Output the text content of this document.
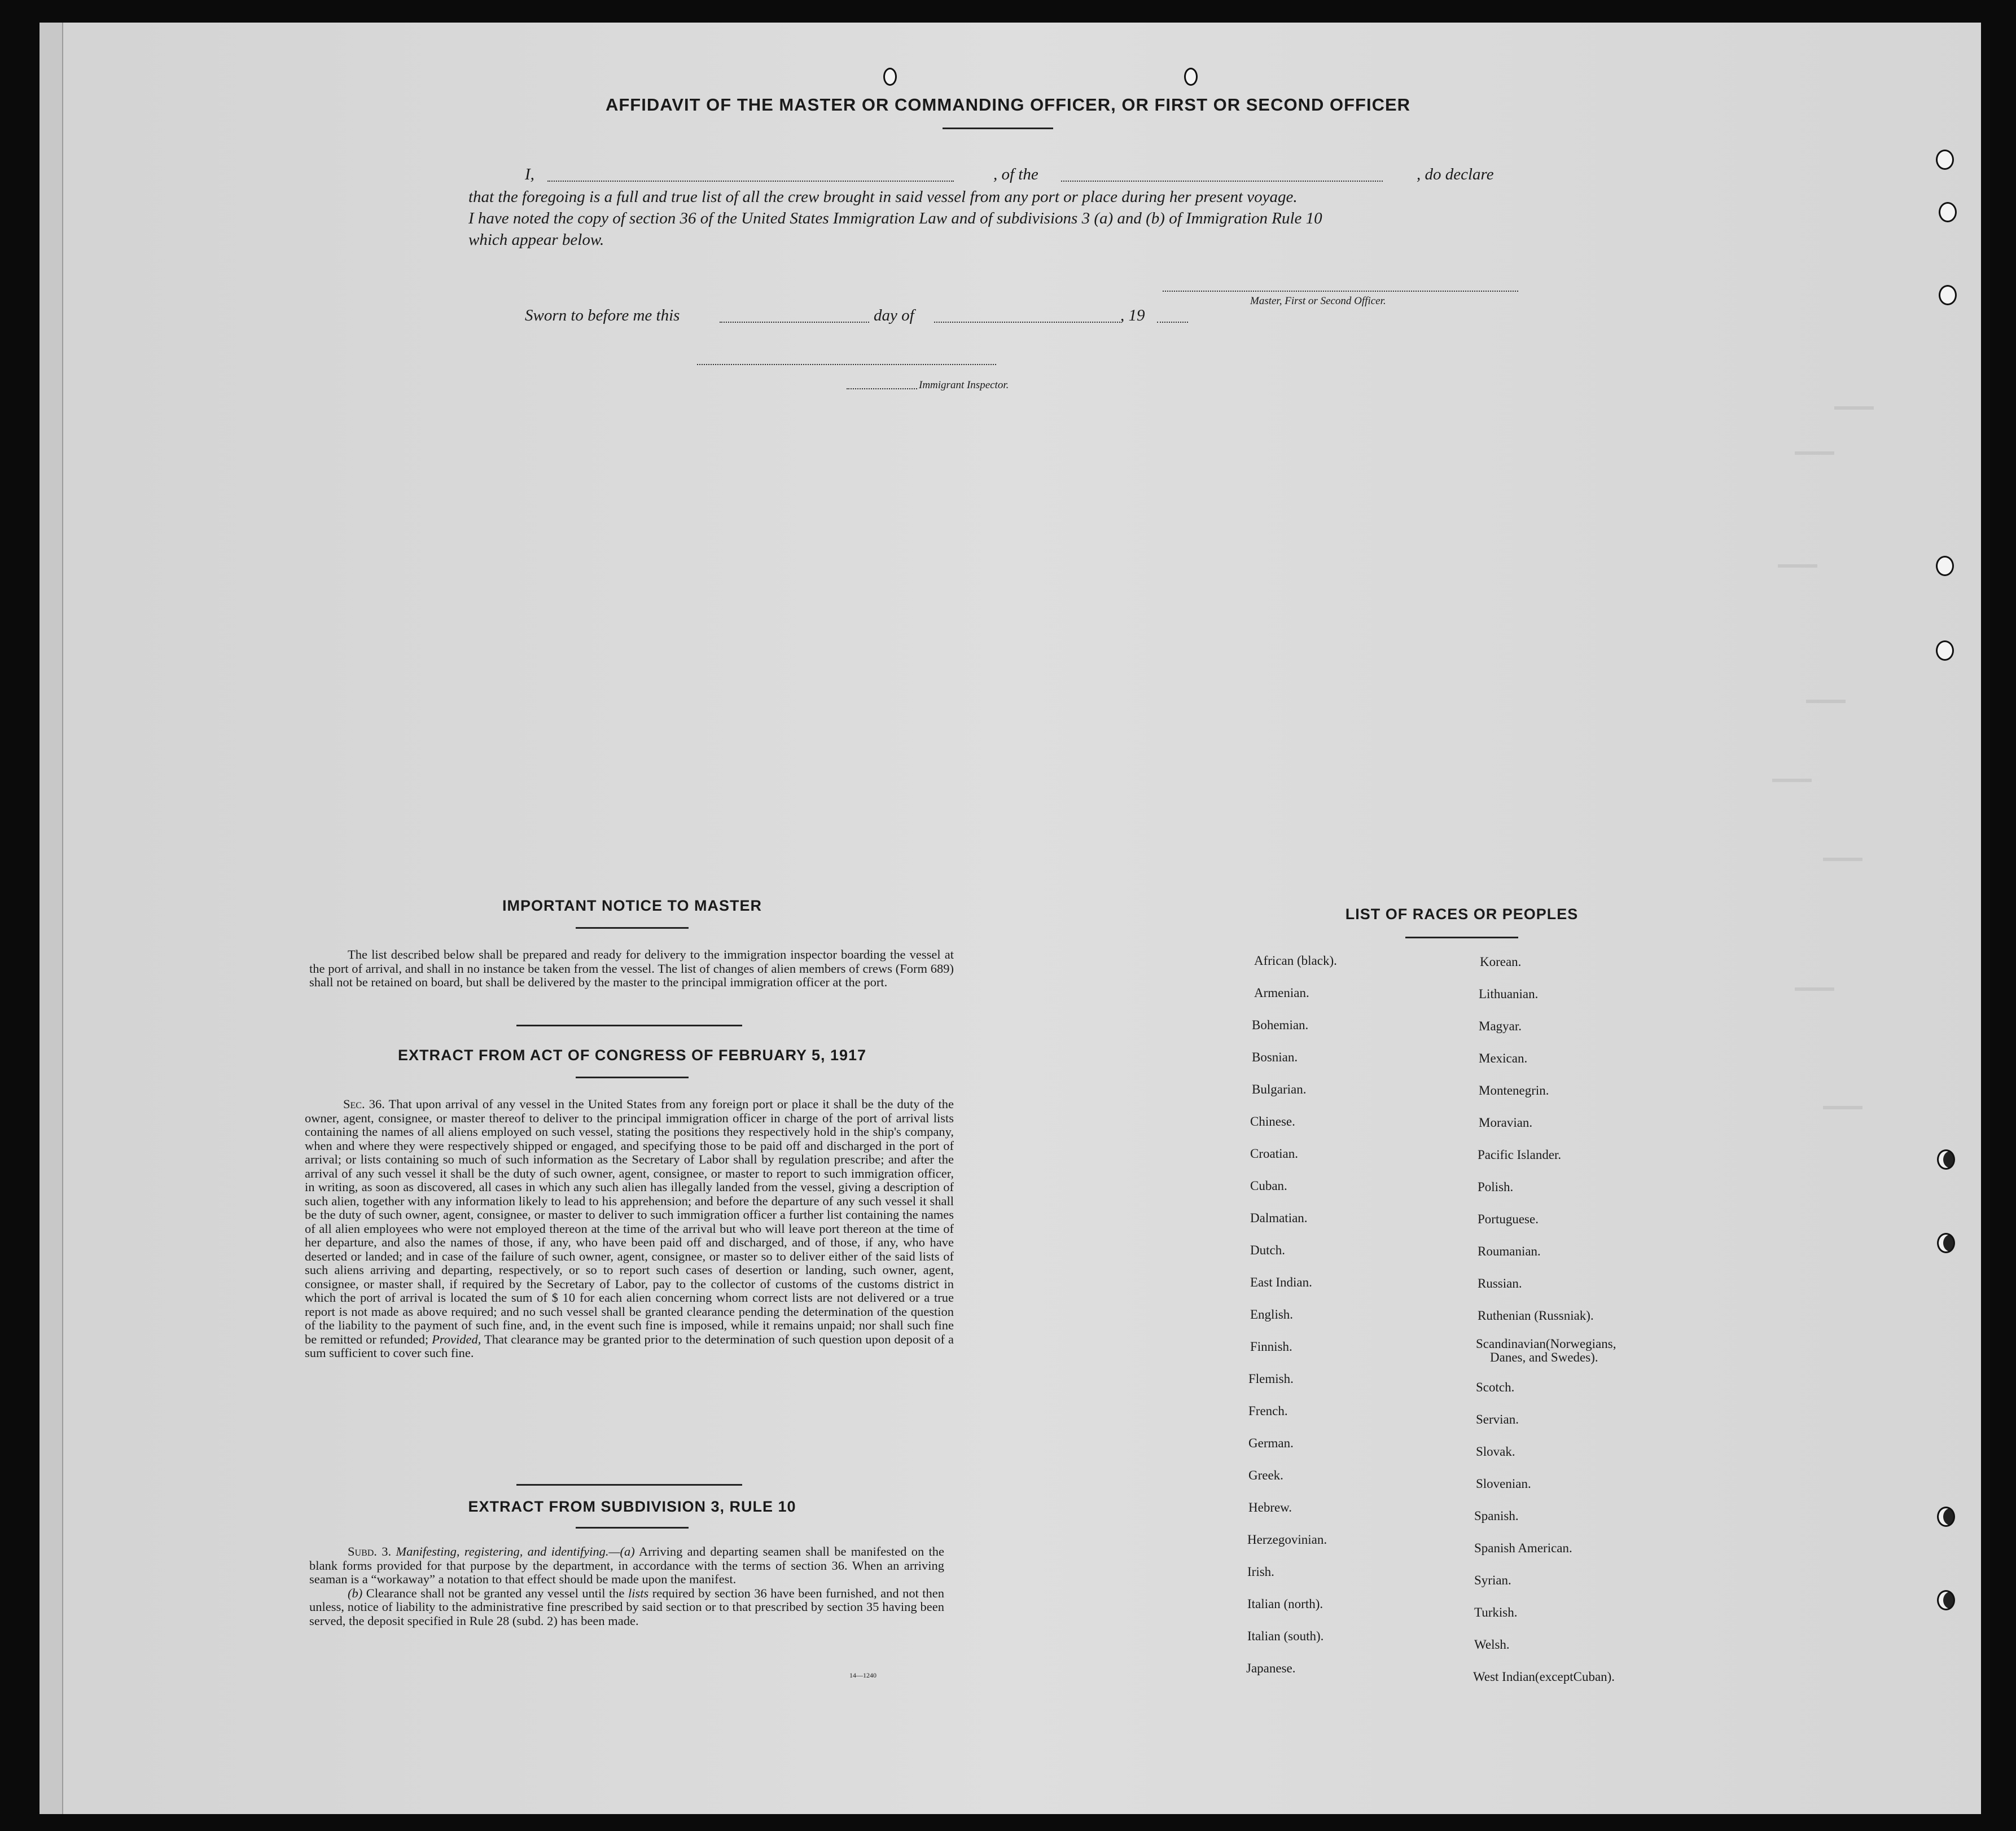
AFFIDAVIT OF THE MASTER OR COMMANDING OFFICER, OR FIRST OR SECOND OFFICER
I,	, of the	, do declare
that the foregoing is a full and true list of all the crew brought in said vessel from any port or place during her present voyage.
I have noted the copy of section 36 of the United States Immigration Law and of subdivisions 3 (a) and (b) of Immigration Rule 10
which appear below.
Master, First or Second Officer.
Sworn to before me this	day of	, 19
Immigrant Inspector.
IMPORTANT NOTICE TO MASTER

The list described below shall be prepared and ready for delivery to the immigration inspector boarding the vessel at the port of arrival, and shall in no instance be taken from the vessel. The list of changes of alien members of crews (Form 689) shall not be retained on board, but shall be delivered by the master to the principal immigration officer at the port.

EXTRACT FROM ACT OF CONGRESS OF FEBRUARY 5, 1917

Sec. 36. That upon arrival of any vessel in the United States from any foreign port or place it shall be the duty of the owner, agent, consignee, or master thereof to deliver to the principal immigration officer in charge of the port of arrival lists containing the names of all aliens employed on such vessel, stating the positions they respectively hold in the ship's company, when and where they were respectively shipped or engaged, and specifying those to be paid off and discharged in the port of arrival; or lists containing so much of such information as the Secretary of Labor shall by regulation prescribe; and after the arrival of any such vessel it shall be the duty of such owner, agent, consignee, or master to report to such immigration officer, in writing, as soon as discovered, all cases in which any such alien has illegally landed from the vessel, giving a description of such alien, together with any information likely to lead to his apprehension; and before the departure of any such vessel it shall be the duty of such owner, agent, consignee, or master to deliver to such immigration officer a further list containing the names of all alien employees who were not employed thereon at the time of the arrival but who will leave port thereon at the time of her departure, and also the names of those, if any, who have been paid off and discharged, and of those, if any, who have deserted or landed; and in case of the failure of such owner, agent, consignee, or master so to deliver either of the said lists of such aliens arriving and departing, respectively, or so to report such cases of desertion or landing, such owner, agent, consignee, or master shall, if required by the Secretary of Labor, pay to the collector of customs of the customs district in which the port of arrival is located the sum of $ 10 for each alien concerning whom correct lists are not delivered or a true report is not made as above required; and no such vessel shall be granted clearance pending the determination of the question of the liability to the payment of such fine, and, in the event such fine is imposed, while it remains unpaid; nor shall such fine be remitted or refunded; Provided, That clearance may be granted prior to the determination of such question upon deposit of a sum sufficient to cover such fine.

EXTRACT FROM SUBDIVISION 3, RULE 10

Subd. 3. Manifesting, registering, and identifying.—(a) Arriving and departing seamen shall be manifested on the blank forms provided for that purpose by the department, in accordance with the terms of section 36. When an arriving seaman is a “workaway” a notation to that effect should be made upon the manifest.

(b) Clearance shall not be granted any vessel until the lists required by section 36 have been furnished, and not then unless, notice of liability to the administrative fine prescribed by said section or to that prescribed by section 35 having been served, the deposit specified in Rule 28 (subd. 2) has been made.

14—1240
LIST OF RACES OR PEOPLES
African (black).
Armenian.
Bohemian.
Bosnian.
Bulgarian.
Chinese.
Croatian.
Cuban.
Dalmatian.
Dutch.
East Indian.
English.
Finnish.
Flemish.
French.
German.
Greek.
Hebrew.
Herzegovinian.
Irish.
Italian (north).
Italian (south).
Japanese.
Korean.
Lithuanian.
Magyar.
Mexican.
Montenegrin.
Moravian.
Pacific Islander.
Polish.
Portuguese.
Roumanian.
Russian.
Ruthenian (Russniak).
Scandinavian(Norwegians,
Danes, and Swedes).
Scotch.
Servian.
Slovak.
Slovenian.
Spanish.
Spanish American.
Syrian.
Turkish.
Welsh.
West Indian(exceptCuban).
